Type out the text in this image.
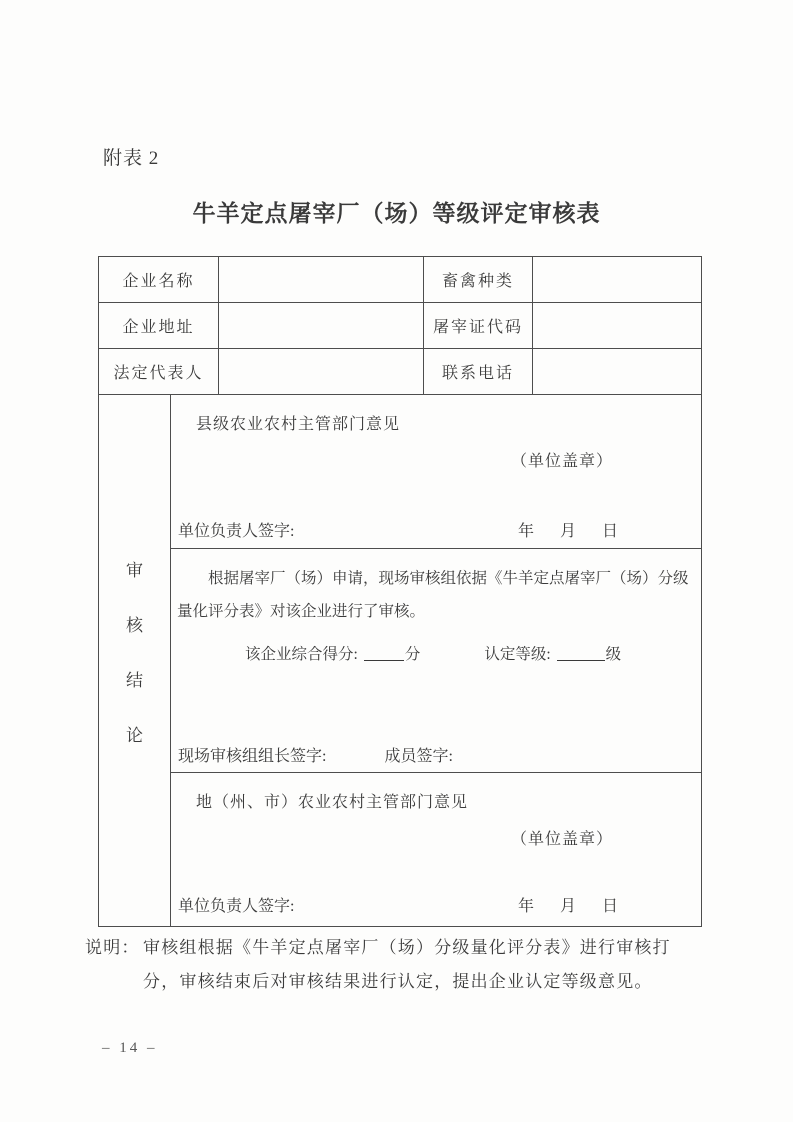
附表 2
牛羊定点屠宰厂（场）等级评定审核表
企业名称	畜禽种类
企业地址	屠宰证代码
法定代表人	联系电话
审
核
结
论
县级农业农村主管部门意见
（单位盖章）
单位负责人签字:	年 月 日
根据屠宰厂（场）申请，现场审核组依据《牛羊定点屠宰厂（场）分级量化评分表》对该企业进行了审核。
该企业综合得分:	分	认定等级:	级
现场审核组组长签字:	成员签字:
地（州、市）农业农村主管部门意见
（单位盖章）
单位负责人签字:	年 月 日
说明： 审核组根据《牛羊定点屠宰厂（场）分级量化评分表》进行审核打分，审核结束后对审核结果进行认定，提出企业认定等级意见。
– 14 –
